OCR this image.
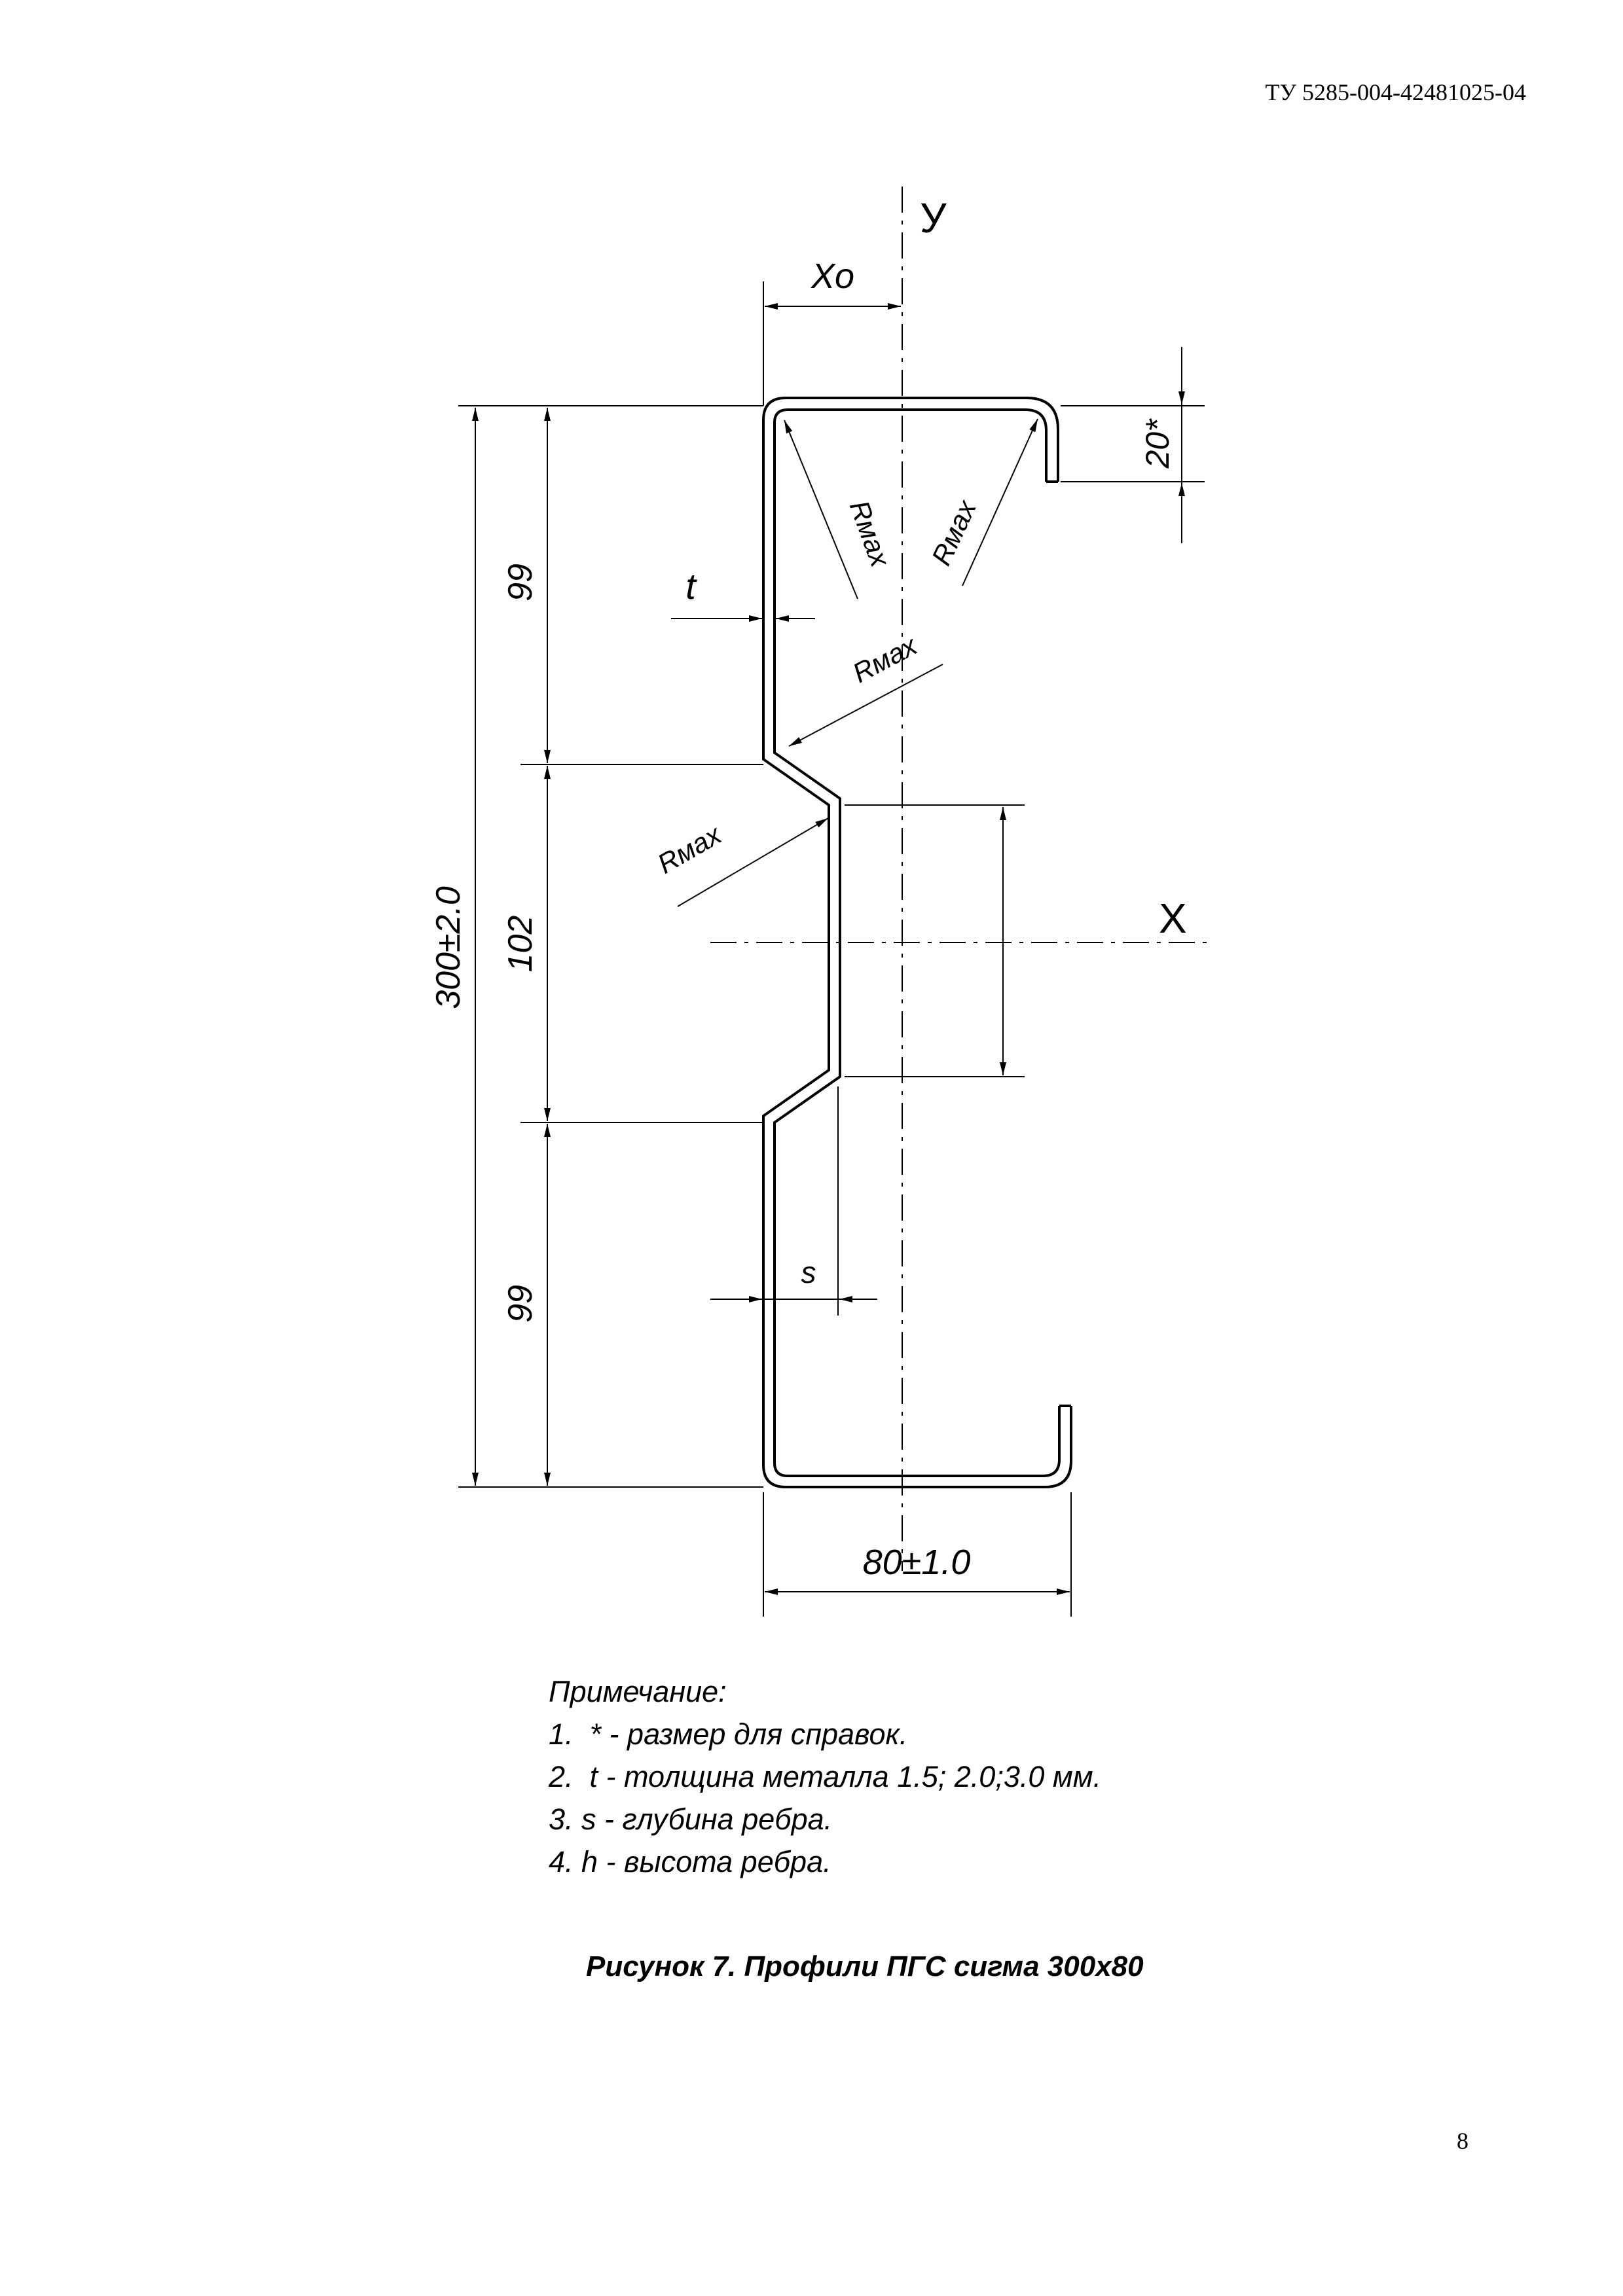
ТУ 5285-004-42481025-04
У
X
300±2.0
99
102
99
20*
Xo
80±1.0
t
s
Rмах Rмах
Rмах
Rмах
Примечание:
1.  * - размер для справок.
2.  t - толщина металла 1.5; 2.0;3.0 мм.
3. s - глубина ребра.
4. h - высота ребра.
Рисунок 7. Профили ПГС сигма 300х80
8
